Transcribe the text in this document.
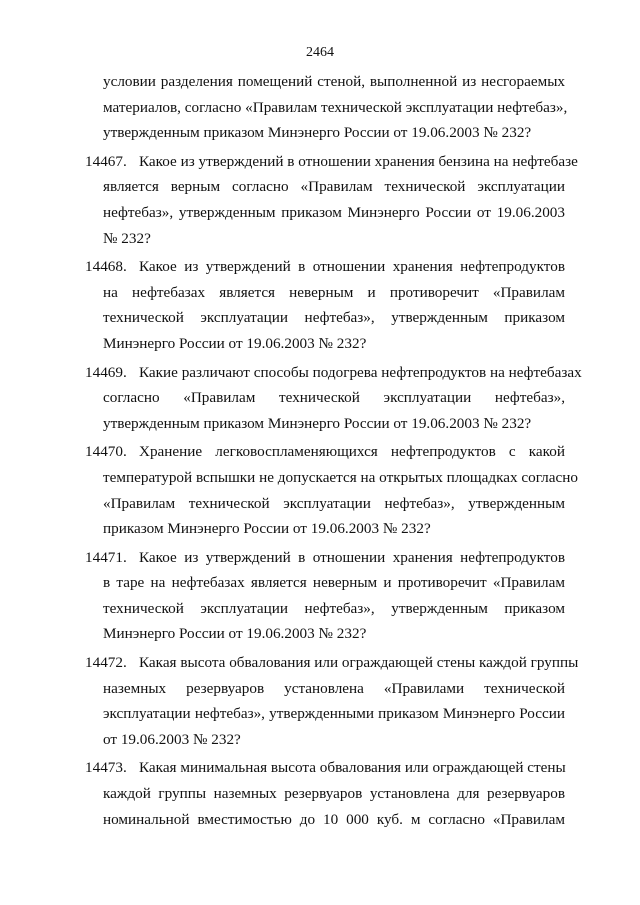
2464
условии разделения помещений стеной, выполненной из несгораемых
материалов, согласно «Правилам технической эксплуатации нефтебаз»,
утвержденным приказом Минэнерго России от 19.06.2003 № 232?
14467. Какое из утверждений в отношении хранения бензина на нефтебазе
является верным согласно «Правилам технической эксплуатации
нефтебаз», утвержденным приказом Минэнерго России от 19.06.2003
№ 232?
14468. Какое из утверждений в отношении хранения нефтепродуктов
на нефтебазах является неверным и противоречит «Правилам
технической эксплуатации нефтебаз», утвержденным приказом
Минэнерго России от 19.06.2003 № 232?
14469. Какие различают способы подогрева нефтепродуктов на нефтебазах
согласно «Правилам технической эксплуатации нефтебаз»,
утвержденным приказом Минэнерго России от 19.06.2003 № 232?
14470. Хранение легковоспламеняющихся нефтепродуктов с какой
температурой вспышки не допускается на открытых площадках согласно
«Правилам технической эксплуатации нефтебаз», утвержденным
приказом Минэнерго России от 19.06.2003 № 232?
14471. Какое из утверждений в отношении хранения нефтепродуктов
в таре на нефтебазах является неверным и противоречит «Правилам
технической эксплуатации нефтебаз», утвержденным приказом
Минэнерго России от 19.06.2003 № 232?
14472. Какая высота обвалования или ограждающей стены каждой группы
наземных резервуаров установлена «Правилами технической
эксплуатации нефтебаз», утвержденными приказом Минэнерго России
от 19.06.2003 № 232?
14473. Какая минимальная высота обвалования или ограждающей стены
каждой группы наземных резервуаров установлена для резервуаров
номинальной вместимостью до 10 000 куб. м согласно «Правилам
